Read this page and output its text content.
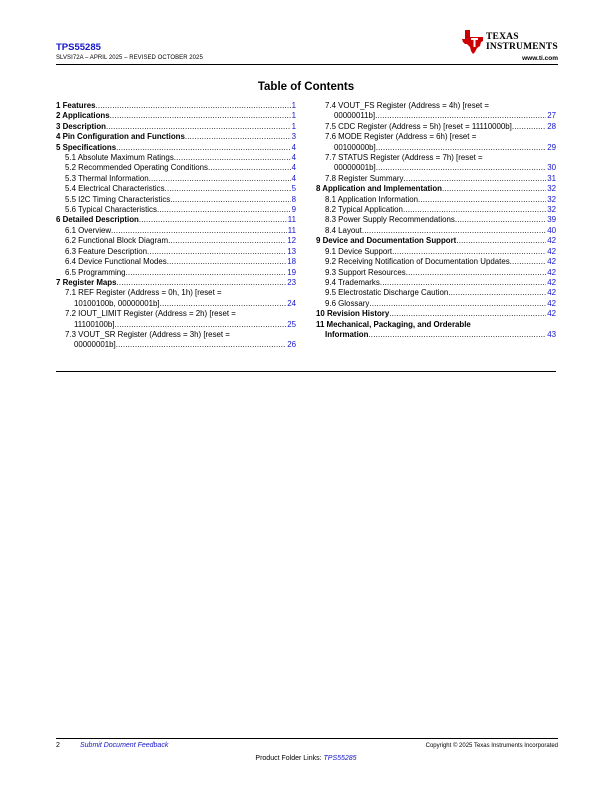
TPS55285
SLVSI72A – APRIL 2025 – REVISED OCTOBER 2025
TEXAS
INSTRUMENTS
www.ti.com
Table of Contents
1 Features .....	1
2 Applications .....	1
3 Description .....	1
4 Pin Configuration and Functions .....	3
5 Specifications .....	4
5.1 Absolute Maximum Ratings .....	4
5.2 Recommended Operating Conditions .....	4
5.3 Thermal Information .....	4
5.4 Electrical Characteristics .....	5
5.5 I2C Timing Characteristics .....	8
5.6 Typical Characteristics .....	9
6 Detailed Description .....	11
6.1 Overview .....	11
6.2 Functional Block Diagram .....	12
6.3 Feature Description .....	13
6.4 Device Functional Modes .....	18
6.5 Programming .....	19
7 Register Maps .....	23
7.1 REF Register (Address = 0h, 1h) [reset =
10100100b, 00000001b] .....	24
7.2 IOUT_LIMIT Register (Address = 2h) [reset =
11100100b] .....	25
7.3 VOUT_SR Register (Address = 3h) [reset =
00000001b] .....	26
7.4 VOUT_FS Register (Address = 4h) [reset =
00000011b] .....	27
7.5 CDC Register (Address = 5h) [reset = 11110000b] .....	28
7.6 MODE Register (Address = 6h) [reset =
00100000b] .....	29
7.7 STATUS Register (Address = 7h) [reset =
00000001b] .....	30
7.8 Register Summary .....	31
8 Application and Implementation .....	32
8.1 Application Information .....	32
8.2 Typical Application .....	32
8.3 Power Supply Recommendations .....	39
8.4 Layout .....	40
9 Device and Documentation Support .....	42
9.1 Device Support .....	42
9.2 Receiving Notification of Documentation Updates .....	42
9.3 Support Resources .....	42
9.4 Trademarks .....	42
9.5 Electrostatic Discharge Caution .....	42
9.6 Glossary .....	42
10 Revision History .....	42
11 Mechanical, Packaging, and Orderable
Information .....	43
2	Submit Document Feedback	Copyright © 2025 Texas Instruments Incorporated
Product Folder Links: TPS55285
